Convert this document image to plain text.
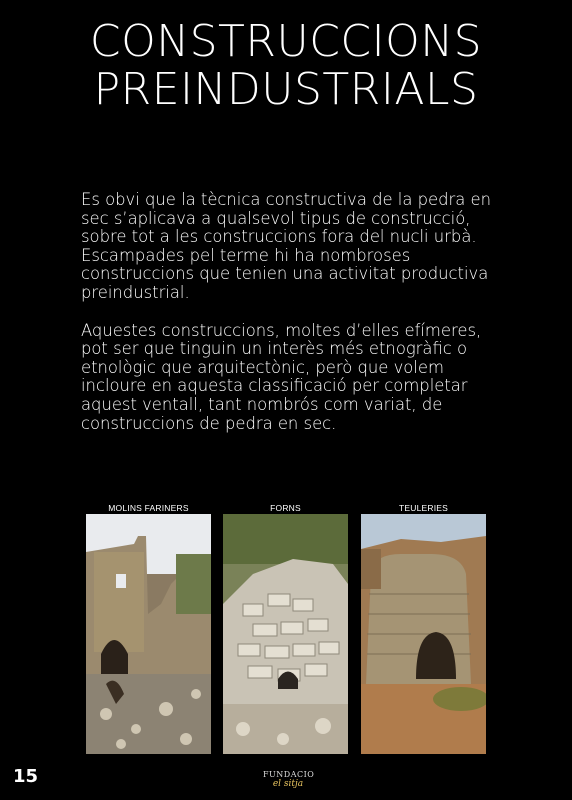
CONSTRUCCIONS
PREINDUSTRIALS

Es obvi que la tècnica constructiva de la pedra en sec s’aplicava a qualsevol tipus de construcció, sobre tot a les construccions fora del nucli urbà. Escampades pel terme hi ha nombroses construccions que tenien una activitat productiva preindustrial.

Aquestes construccions, moltes d’elles efímeres, pot ser que tinguin un interès més etnogràfic o etnològic que arquitectònic, però que volem incloure en aquesta classificació per completar aquest ventall, tant nombrós com variat, de construccions de pedra en sec.

MOLINS FARINERS	FORNS	TEULERIES
15	FUNDACIO
el sitja
